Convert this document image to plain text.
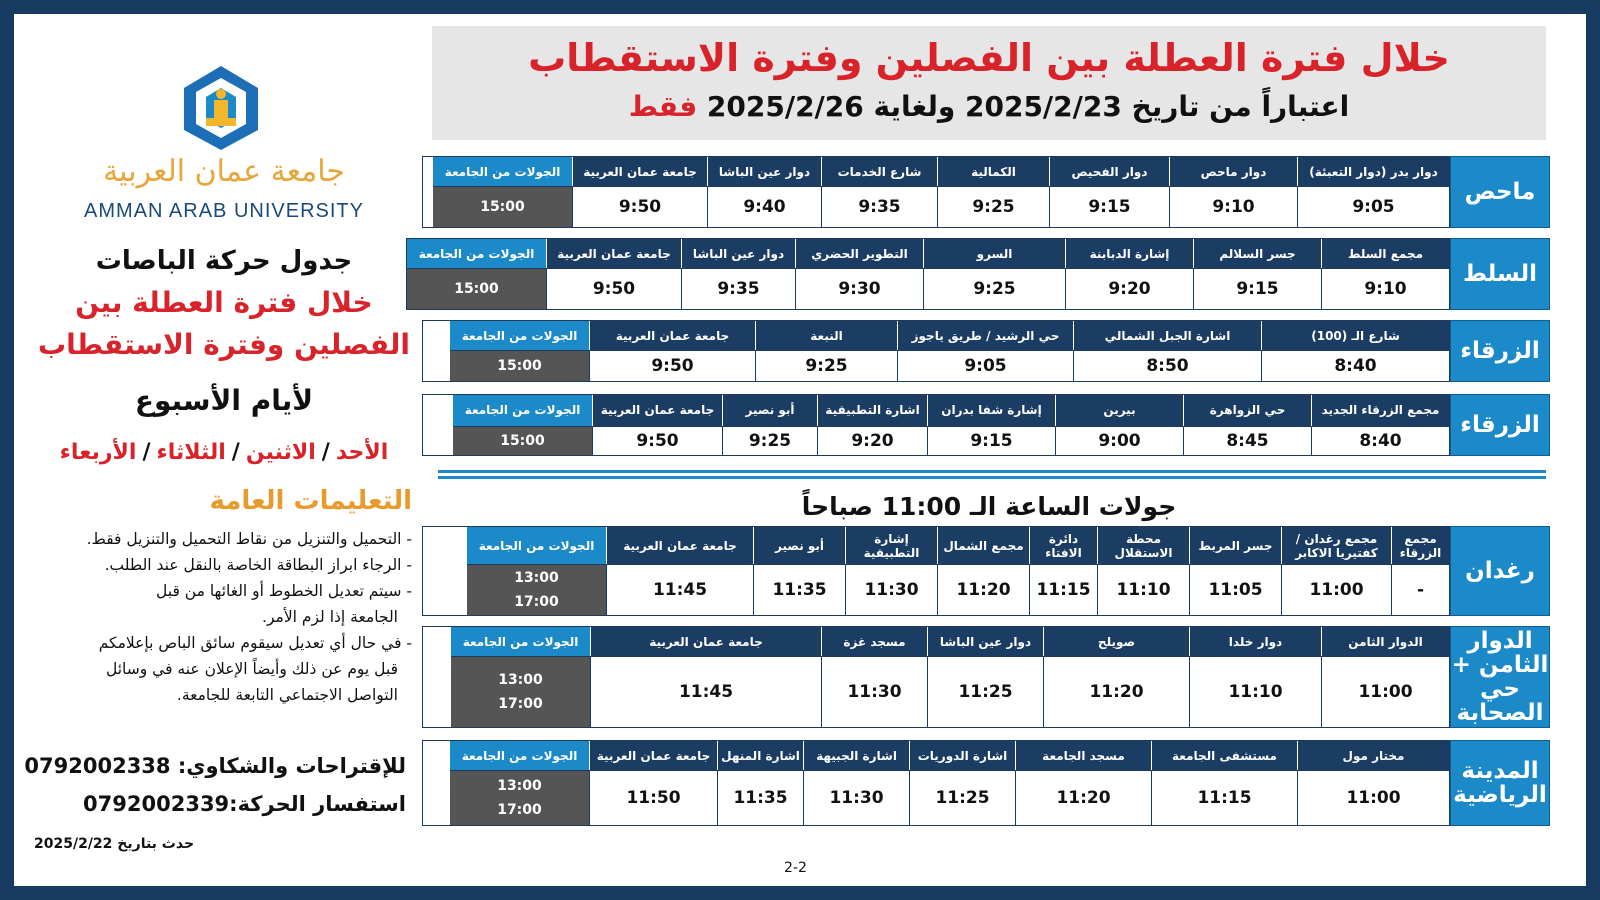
جامعة عمان العربية
AMMAN ARAB UNIVERSITY
جدول حركة الباصات
خلال فترة العطلة بين
الفصلين وفترة الاستقطاب
لأيام الأسبوع
الأحد/الاثنين/الثلاثاء/الأربعاء
التعليمات العامة
- التحميل والتنزيل من نقاط التحميل والتنزيل فقط.
- الرجاء ابراز البطاقة الخاصة بالنقل عند الطلب.
- سيتم تعديل الخطوط أو الغائها من قبل
الجامعة إذا لزم الأمر.
- في حال أي تعديل سيقوم سائق الباص بإعلامكم
قبل يوم عن ذلك وأيضاً الإعلان عنه في وسائل
التواصل الاجتماعي التابعة للجامعة.
للإقتراحات والشكاوي: 0792002338
استفسار الحركة:0792002339
حدث بتاريخ 2025/2/22
خلال فترة العطلة بين الفصلين وفترة الاستقطاب
اعتباراً من تاريخ 2025/2/23 ولغاية 2025/2/26 فقط
ماحص
دوار بدر (دوار التعبئة)
دوار ماحص
دوار الفحيص
الكمالية
شارع الخدمات
دوار عين الباشا
جامعة عمان العربية
الجولات من الجامعة
9:05
9:10
9:15
9:25
9:35
9:40
9:50
15:00
السلط
مجمع السلط
جسر السلالم
إشارة الدبابنة
السرو
التطوير الحضري
دوار عين الباشا
جامعة عمان العربية
الجولات من الجامعة
9:10
9:15
9:20
9:25
9:30
9:35
9:50
15:00
الزرقاء
شارع الـ (100)
اشارة الجبل الشمالي
حي الرشيد / طريق ياجوز
النبعة
جامعة عمان العربية
الجولات من الجامعة
8:40
8:50
9:05
9:25
9:50
15:00
الزرقاء
مجمع الزرقاء الجديد
حي الزواهرة
بيرين
إشارة شفا بدران
اشارة التطبيقية
أبو نصير
جامعة عمان العربية
الجولات من الجامعة
8:40
8:45
9:00
9:15
9:20
9:25
9:50
15:00
رغدان
مجمع الزرقاء
مجمع رغدان / كفتيريا الاكابر
جسر المربط
محطة الاستقلال
دائرة الافتاء
مجمع الشمال
إشارة التطبيقية
أبو نصير
جامعة عمان العربية
الجولات من الجامعة
-
11:00
11:05
11:10
11:15
11:20
11:30
11:35
11:45
13:00
17:00
الدوار الثامن + حي الصحابة
الدوار الثامن
دوار خلدا
صويلح
دوار عين الباشا
مسجد غزة
جامعة عمان العربية
الجولات من الجامعة
11:00
11:10
11:20
11:25
11:30
11:45
13:00
17:00
المدينة الرياضية
مختار مول
مستشفى الجامعة
مسجد الجامعة
اشارة الدوريات
اشارة الجبيهة
اشارة المنهل
جامعة عمان العربية
الجولات من الجامعة
11:00
11:15
11:20
11:25
11:30
11:35
11:50
13:00
17:00
جولات الساعة الـ 11:00 صباحاً
2-2
